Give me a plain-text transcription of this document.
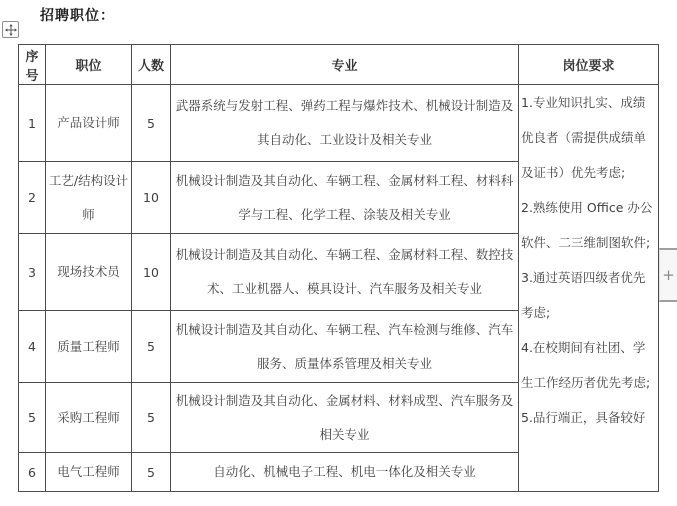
招聘职位：
序号	职位	人数	专业	岗位要求
1	产品设计师	5	武器系统与发射工程、弹药工程与爆炸技术、机械设计制造及其自动化、工业设计及相关专业	1.专业知识扎实、成绩优良者（需提供成绩单及证书）优先考虑;

2.熟练使用 Office 办公软件、二三维制图软件;

3.通过英语四级者优先考虑;

4.在校期间有社团、学生工作经历者优先考虑;

5.品行端正，具备较好

2	工艺/结构设计师	10	机械设计制造及其自动化、车辆工程、金属材料工程、材料科学与工程、化学工程、涂装及相关专业	
3	现场技术员	10	机械设计制造及其自动化、车辆工程、金属材料工程、数控技术、工业机器人、模具设计、汽车服务及相关专业	
4	质量工程师	5	机械设计制造及其自动化、车辆工程、汽车检测与维修、汽车服务、质量体系管理及相关专业	
5	采购工程师	5	机械设计制造及其自动化、金属材料、材料成型、汽车服务及相关专业	
6	电气工程师	5	自动化、机械电子工程、机电一体化及相关专业	
+
